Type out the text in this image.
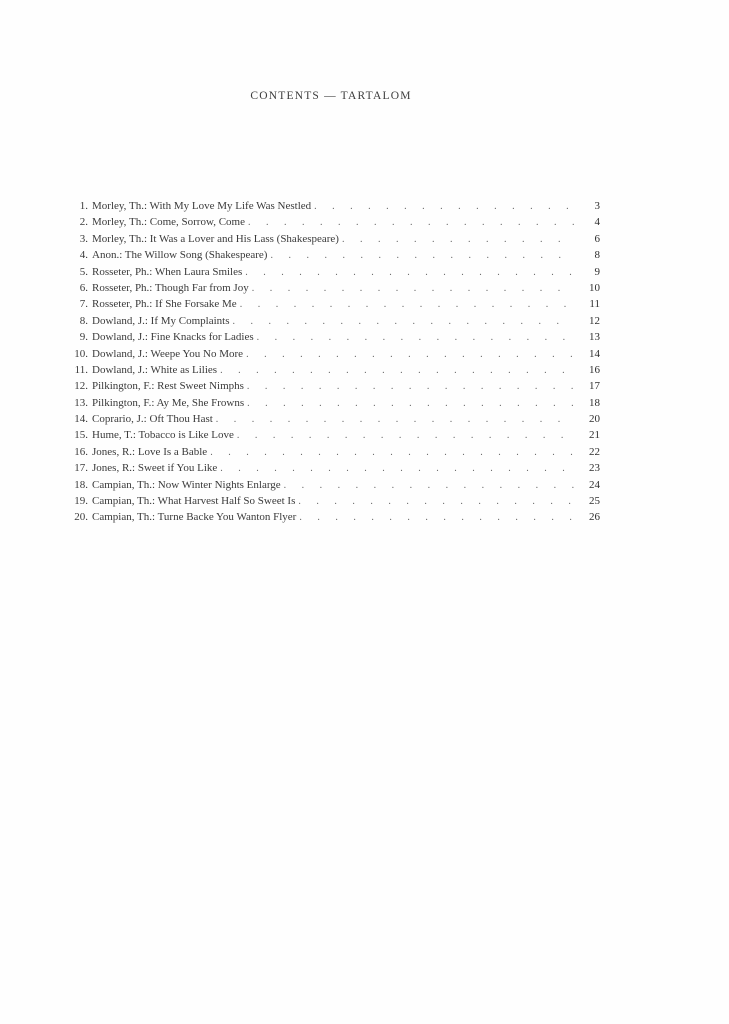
CONTENTS — TARTALOM
1. Morley, Th.: With My Love My Life Was Nestled . . .	3
2. Morley, Th.: Come, Sorrow, Come . . .	4
3. Morley, Th.: It Was a Lover and His Lass (Shakespeare) . . .	6
4. Anon.: The Willow Song (Shakespeare) . . .	8
5. Rosseter, Ph.: When Laura Smiles . . .	9
6. Rosseter, Ph.: Though Far from Joy . . .	10
7. Rosseter, Ph.: If She Forsake Me . . .	11
8. Dowland, J.: If My Complaints . . .	12
9. Dowland, J.: Fine Knacks for Ladies . . .	13
10. Dowland, J.: Weepe You No More . . .	14
11. Dowland, J.: White as Lilies . . .	16
12. Pilkington, F.: Rest Sweet Nimphs . . .	17
13. Pilkington, F.: Ay Me, She Frowns . . .	18
14. Coprario, J.: Oft Thou Hast . . .	20
15. Hume, T.: Tobacco is Like Love . . .	21
16. Jones, R.: Love Is a Bable . . .	22
17. Jones, R.: Sweet if You Like . . .	23
18. Campian, Th.: Now Winter Nights Enlarge . . .	24
19. Campian, Th.: What Harvest Half So Sweet Is . . .	25
20. Campian, Th.: Turne Backe You Wanton Flyer . . .	26
